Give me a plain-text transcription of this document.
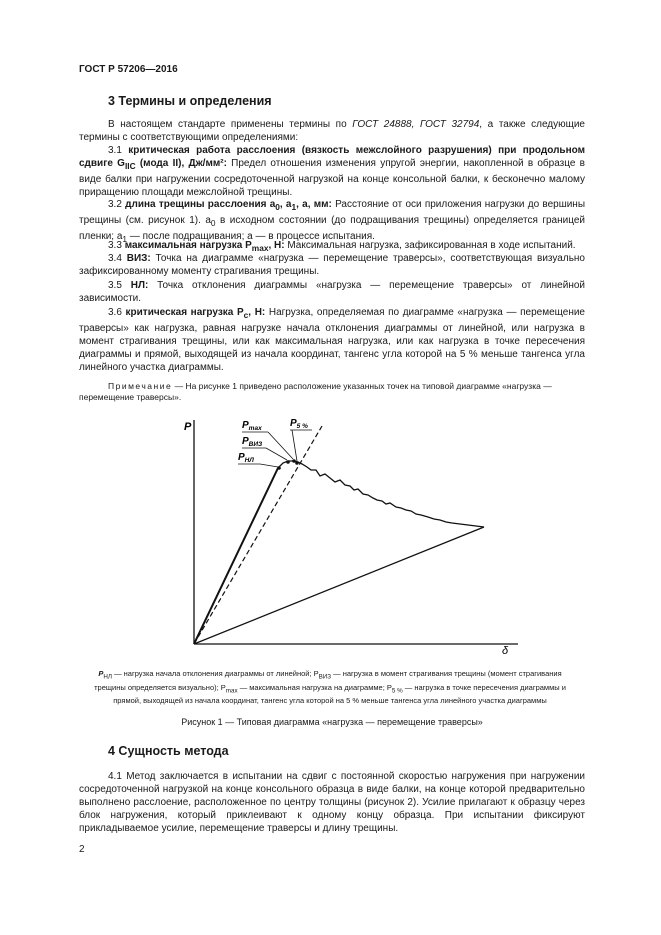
ГОСТ Р 57206—2016
3 Термины и определения

В настоящем стандарте применены термины по ГОСТ 24888, ГОСТ 32794, а также следующие термины с соответствующими определениями:

3.1 критическая работа расслоения (вязкость межслойного разрушения) при продольном сдвиге $G_{IIC}$ (мода II), Дж/мм²: Предел отношения изменения упругой энергии, накопленной в образце в виде балки при нагружении сосредоточенной нагрузкой на конце консольной балки, к бесконечно малому приращению площади межслойной трещины.

3.2 длина трещины расслоения $a_0$, $a_1$, a, мм: Расстояние от оси приложения нагрузки до вершины трещины (см. рисунок 1). $a_0$ в исходном состоянии (до подращивания трещины) определяется границей пленки; $a_1$ — после подращивания; a — в процессе испытания.

3.3 максимальная нагрузка $P_{max}$, Н: Максимальная нагрузка, зафиксированная в ходе испытаний.

3.4 ВИЗ: Точка на диаграмме «нагрузка — перемещение траверсы», соответствующая визуально зафиксированному моменту страгивания трещины.

3.5 НЛ: Точка отклонения диаграммы «нагрузка — перемещение траверсы» от линейной зависимости.

3.6 критическая нагрузка $P_c$, Н: Нагрузка, определяемая по диаграмме «нагрузка — перемещение траверсы» как нагрузка, равная нагрузке начала отклонения диаграммы от линейной, или нагрузка в момент страгивания трещины, или как максимальная нагрузка, или как нагрузка в точке пересечения диаграммы и прямой, выходящей из начала координат, тангенс угла которой на 5 % меньше тангенса угла линейного участка диаграммы.

Примечание — На рисунке 1 приведено расположение указанных точек на типовой диаграмме «нагрузка — перемещение траверсы».

P
δ
$P_{max}$
$P_{ВИЗ}$
$P_{НЛ}$
$P_{5 \%}$

$P_{НЛ}$ — нагрузка начала отклонения диаграммы от линейной; $P_{ВИЗ}$ — нагрузка в момент страгивания трещины (момент страгивания трещины определяется визуально); $P_{max}$ — максимальная нагрузка на диаграмме; $P_{5 \%}$ — нагрузка в точке пересечения диаграммы и прямой, выходящей из начала координат, тангенс угла которой на 5 % меньше тангенса угла линейного участка диаграммы

Рисунок 1 — Типовая диаграмма «нагрузка — перемещение траверсы»
4 Сущность метода

4.1 Метод заключается в испытании на сдвиг с постоянной скоростью нагружения при нагружении сосредоточенной нагрузкой на конце консольного образца в виде балки, на конце которой предварительно выполнено расслоение, расположенное по центру толщины (рисунок 2). Усилие прилагают к образцу через блок нагружения, который приклеивают к одному концу образца. При испытании фиксируют прикладываемое усилие, перемещение траверсы и длину трещины.

2
